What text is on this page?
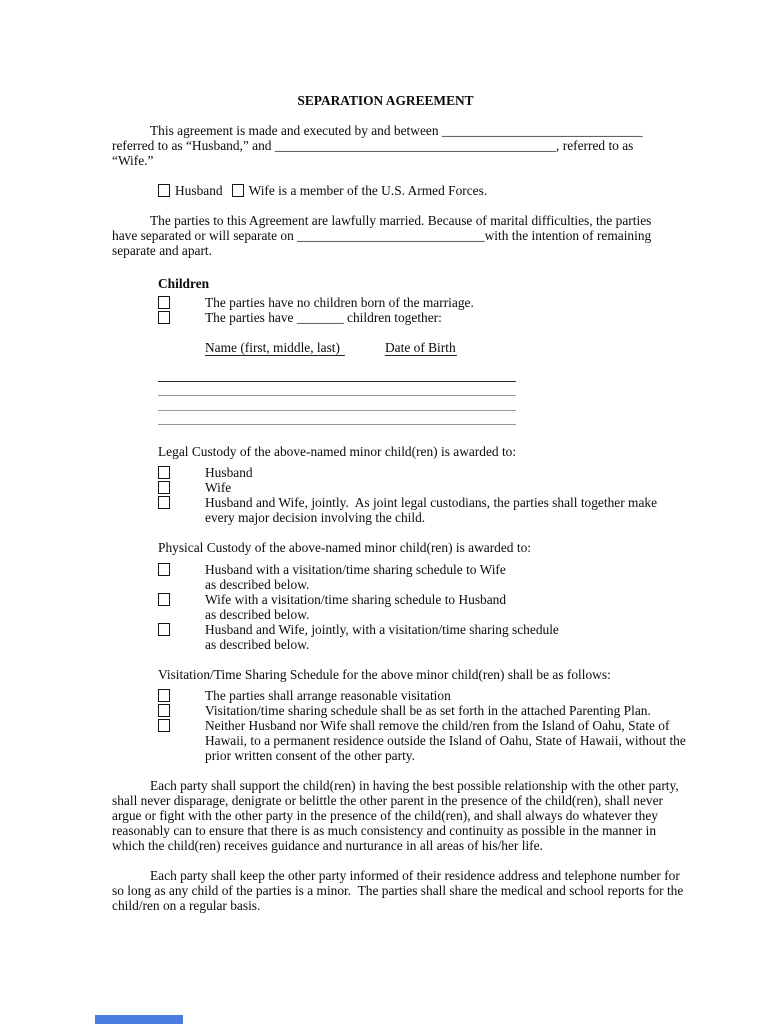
SEPARATION AGREEMENT
This agreement is made and executed by and between ______________________________
referred to as “Husband,” and __________________________________________, referred to as
“Wife.”
Husband Wife is a member of the U.S. Armed Forces.
The parties to this Agreement are lawfully married. Because of marital difficulties, the parties
have separated or will separate on ____________________________with the intention of remaining
separate and apart.
Children
The parties have no children born of the marriage.
The parties have _______ children together:
Name (first, middle, last)	Date of Birth
Legal Custody of the above-named minor child(ren) is awarded to:
Husband
Wife
Husband and Wife, jointly.  As joint legal custodians, the parties shall together make
every major decision involving the child.
Physical Custody of the above-named minor child(ren) is awarded to:
Husband with a visitation/time sharing schedule to Wife
as described below.
Wife with a visitation/time sharing schedule to Husband
as described below.
Husband and Wife, jointly, with a visitation/time sharing schedule
as described below.
Visitation/Time Sharing Schedule for the above minor child(ren) shall be as follows:
The parties shall arrange reasonable visitation
Visitation/time sharing schedule shall be as set forth in the attached Parenting Plan.
Neither Husband nor Wife shall remove the child/ren from the Island of Oahu, State of
Hawaii, to a permanent residence outside the Island of Oahu, State of Hawaii, without the
prior written consent of the other party.
Each party shall support the child(ren) in having the best possible relationship with the other party,
shall never disparage, denigrate or belittle the other parent in the presence of the child(ren), shall never
argue or fight with the other party in the presence of the child(ren), and shall always do whatever they
reasonably can to ensure that there is as much consistency and continuity as possible in the manner in
which the child(ren) receives guidance and nurturance in all areas of his/her life.
Each party shall keep the other party informed of their residence address and telephone number for
so long as any child of the parties is a minor.  The parties shall share the medical and school reports for the
child/ren on a regular basis.
